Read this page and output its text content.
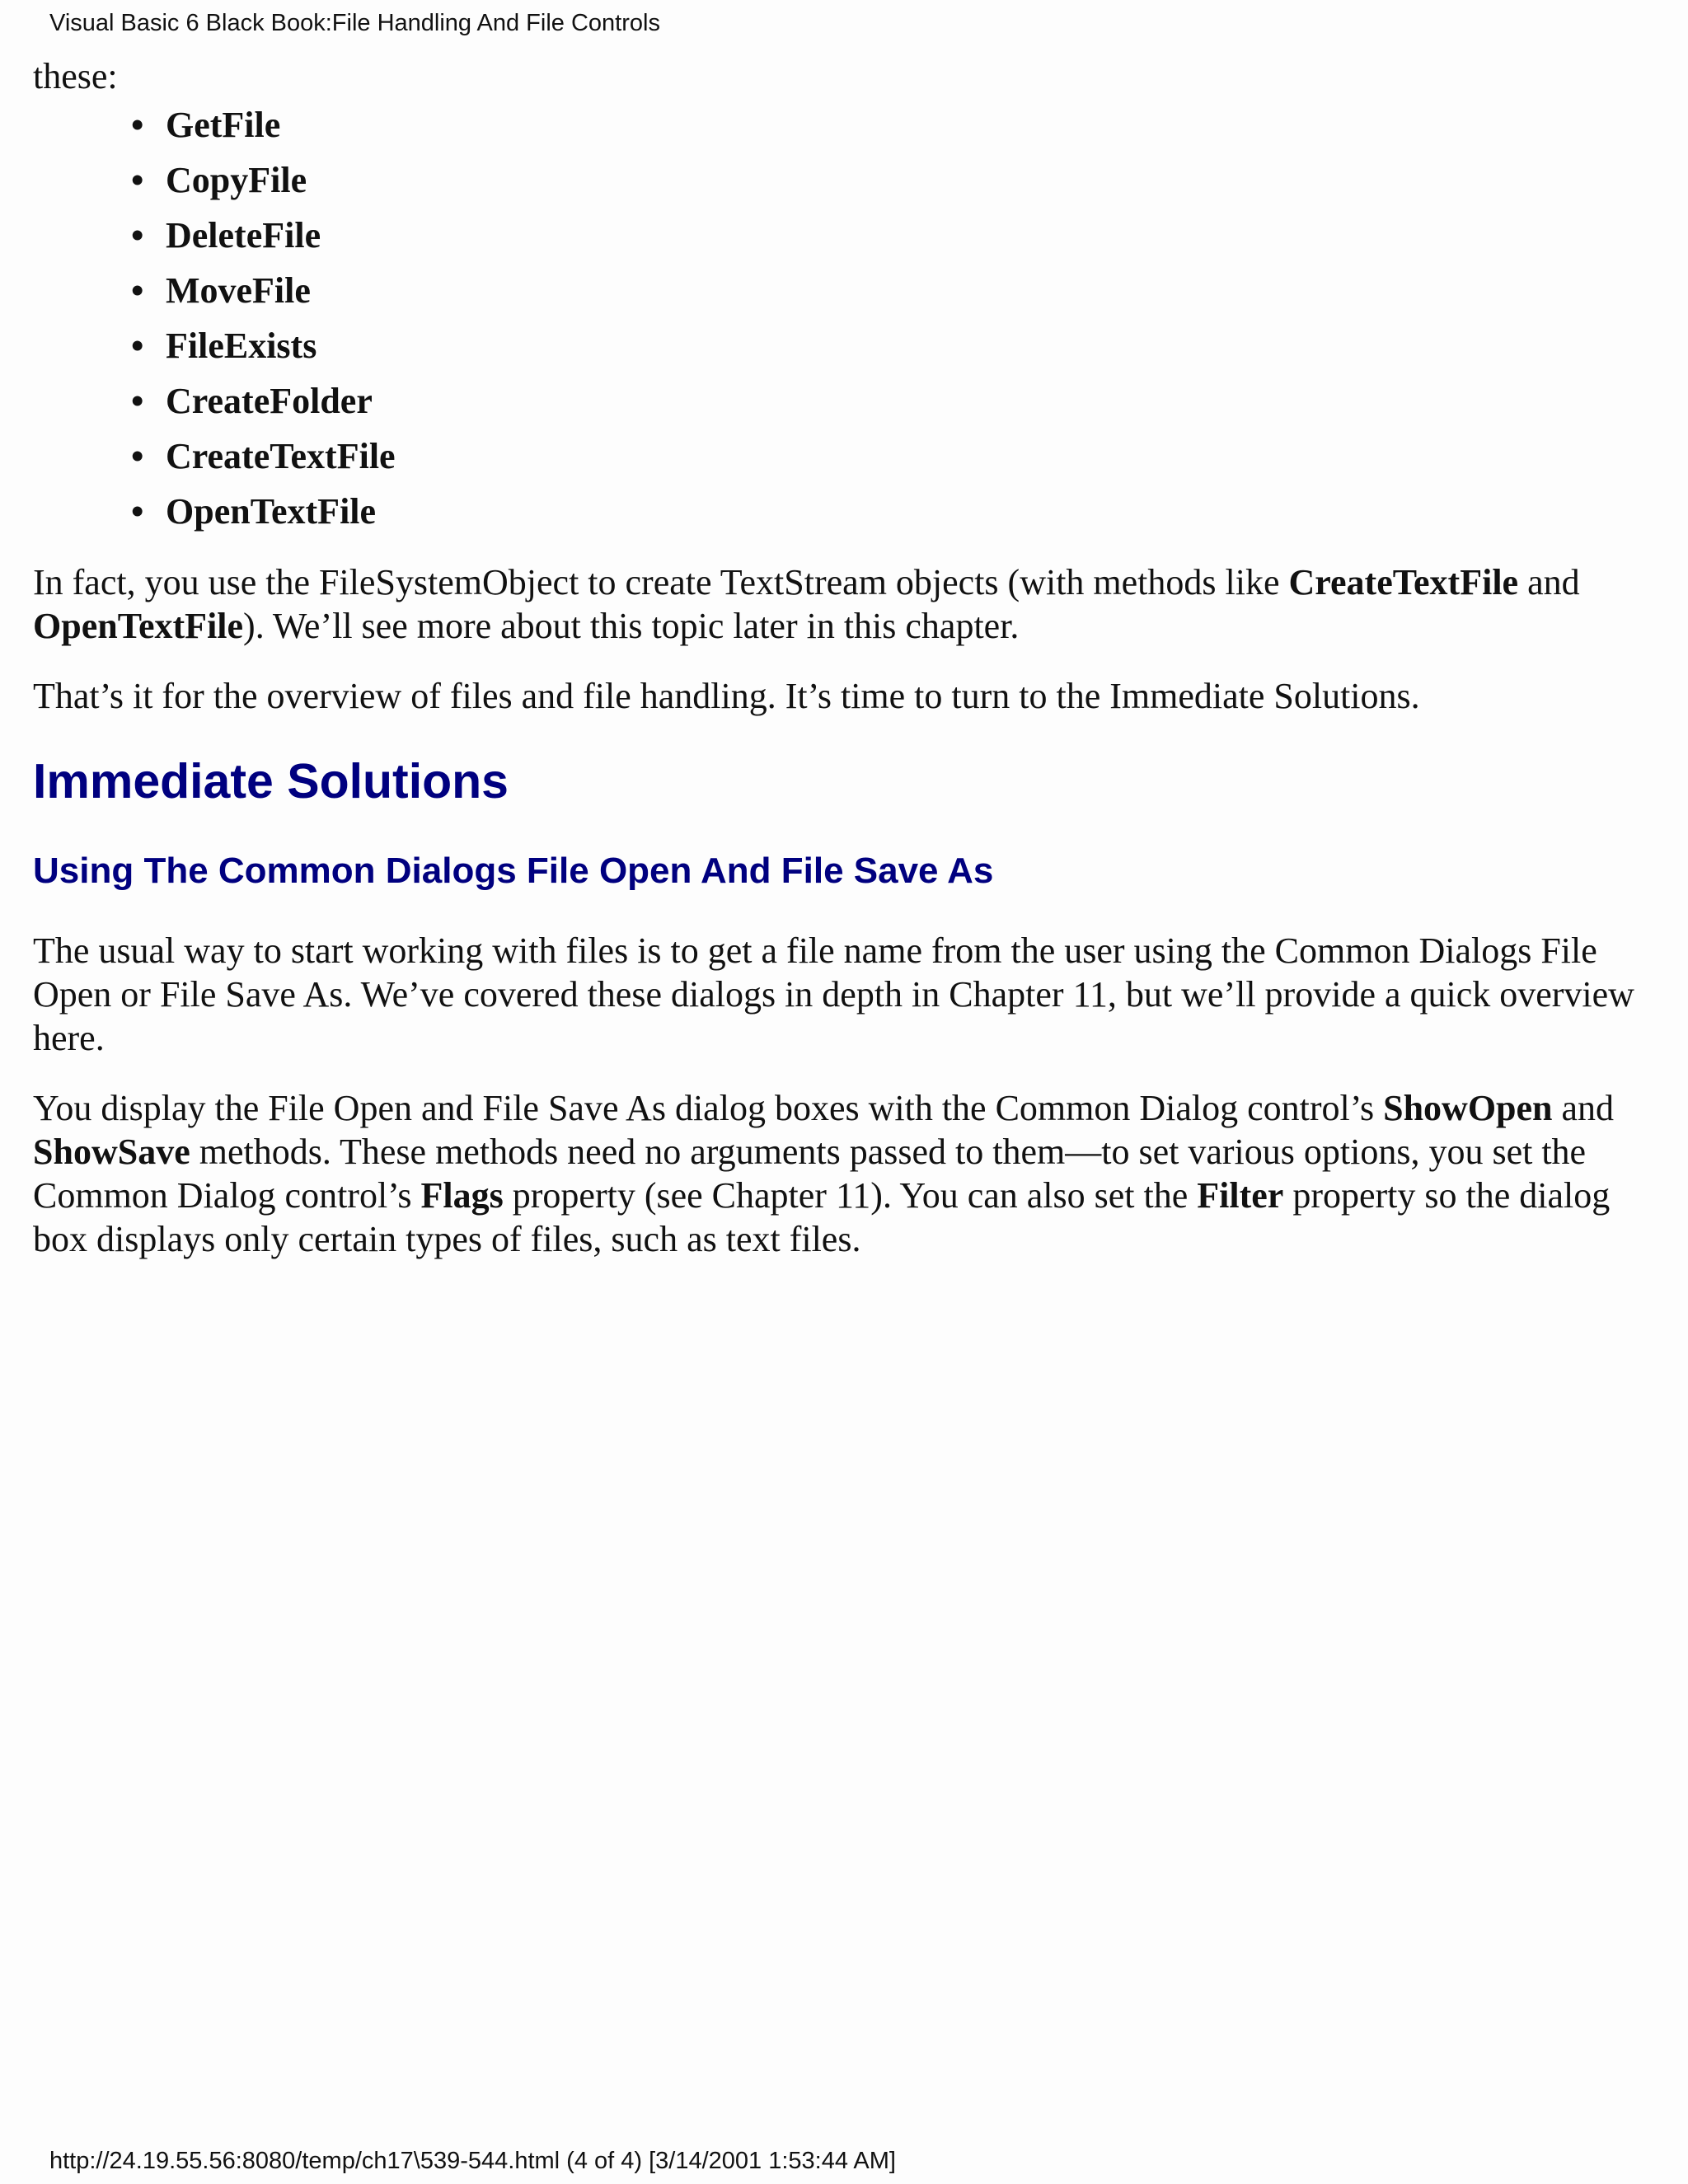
Visual Basic 6 Black Book:File Handling And File Controls

these:

• GetFile
• CopyFile
• DeleteFile
• MoveFile
• FileExists
• CreateFolder
• CreateTextFile
• OpenTextFile

In fact, you use the FileSystemObject to create TextStream objects (with methods like CreateTextFile and OpenTextFile). We’ll see more about this topic later in this chapter.

That’s it for the overview of files and file handling. It’s time to turn to the Immediate Solutions.

Immediate Solutions
Using The Common Dialogs File Open And File Save As

The usual way to start working with files is to get a file name from the user using the Common Dialogs File Open or File Save As. We’ve covered these dialogs in depth in Chapter 11, but we’ll provide a quick overview here.

You display the File Open and File Save As dialog boxes with the Common Dialog control’s ShowOpen and ShowSave methods. These methods need no arguments passed to them—to set various options, you set the Common Dialog control’s Flags property (see Chapter 11). You can also set the Filter property so the dialog box displays only certain types of files, such as text files.

http://24.19.55.56:8080/temp/ch17\539-544.html (4 of 4) [3/14/2001 1:53:44 AM]
